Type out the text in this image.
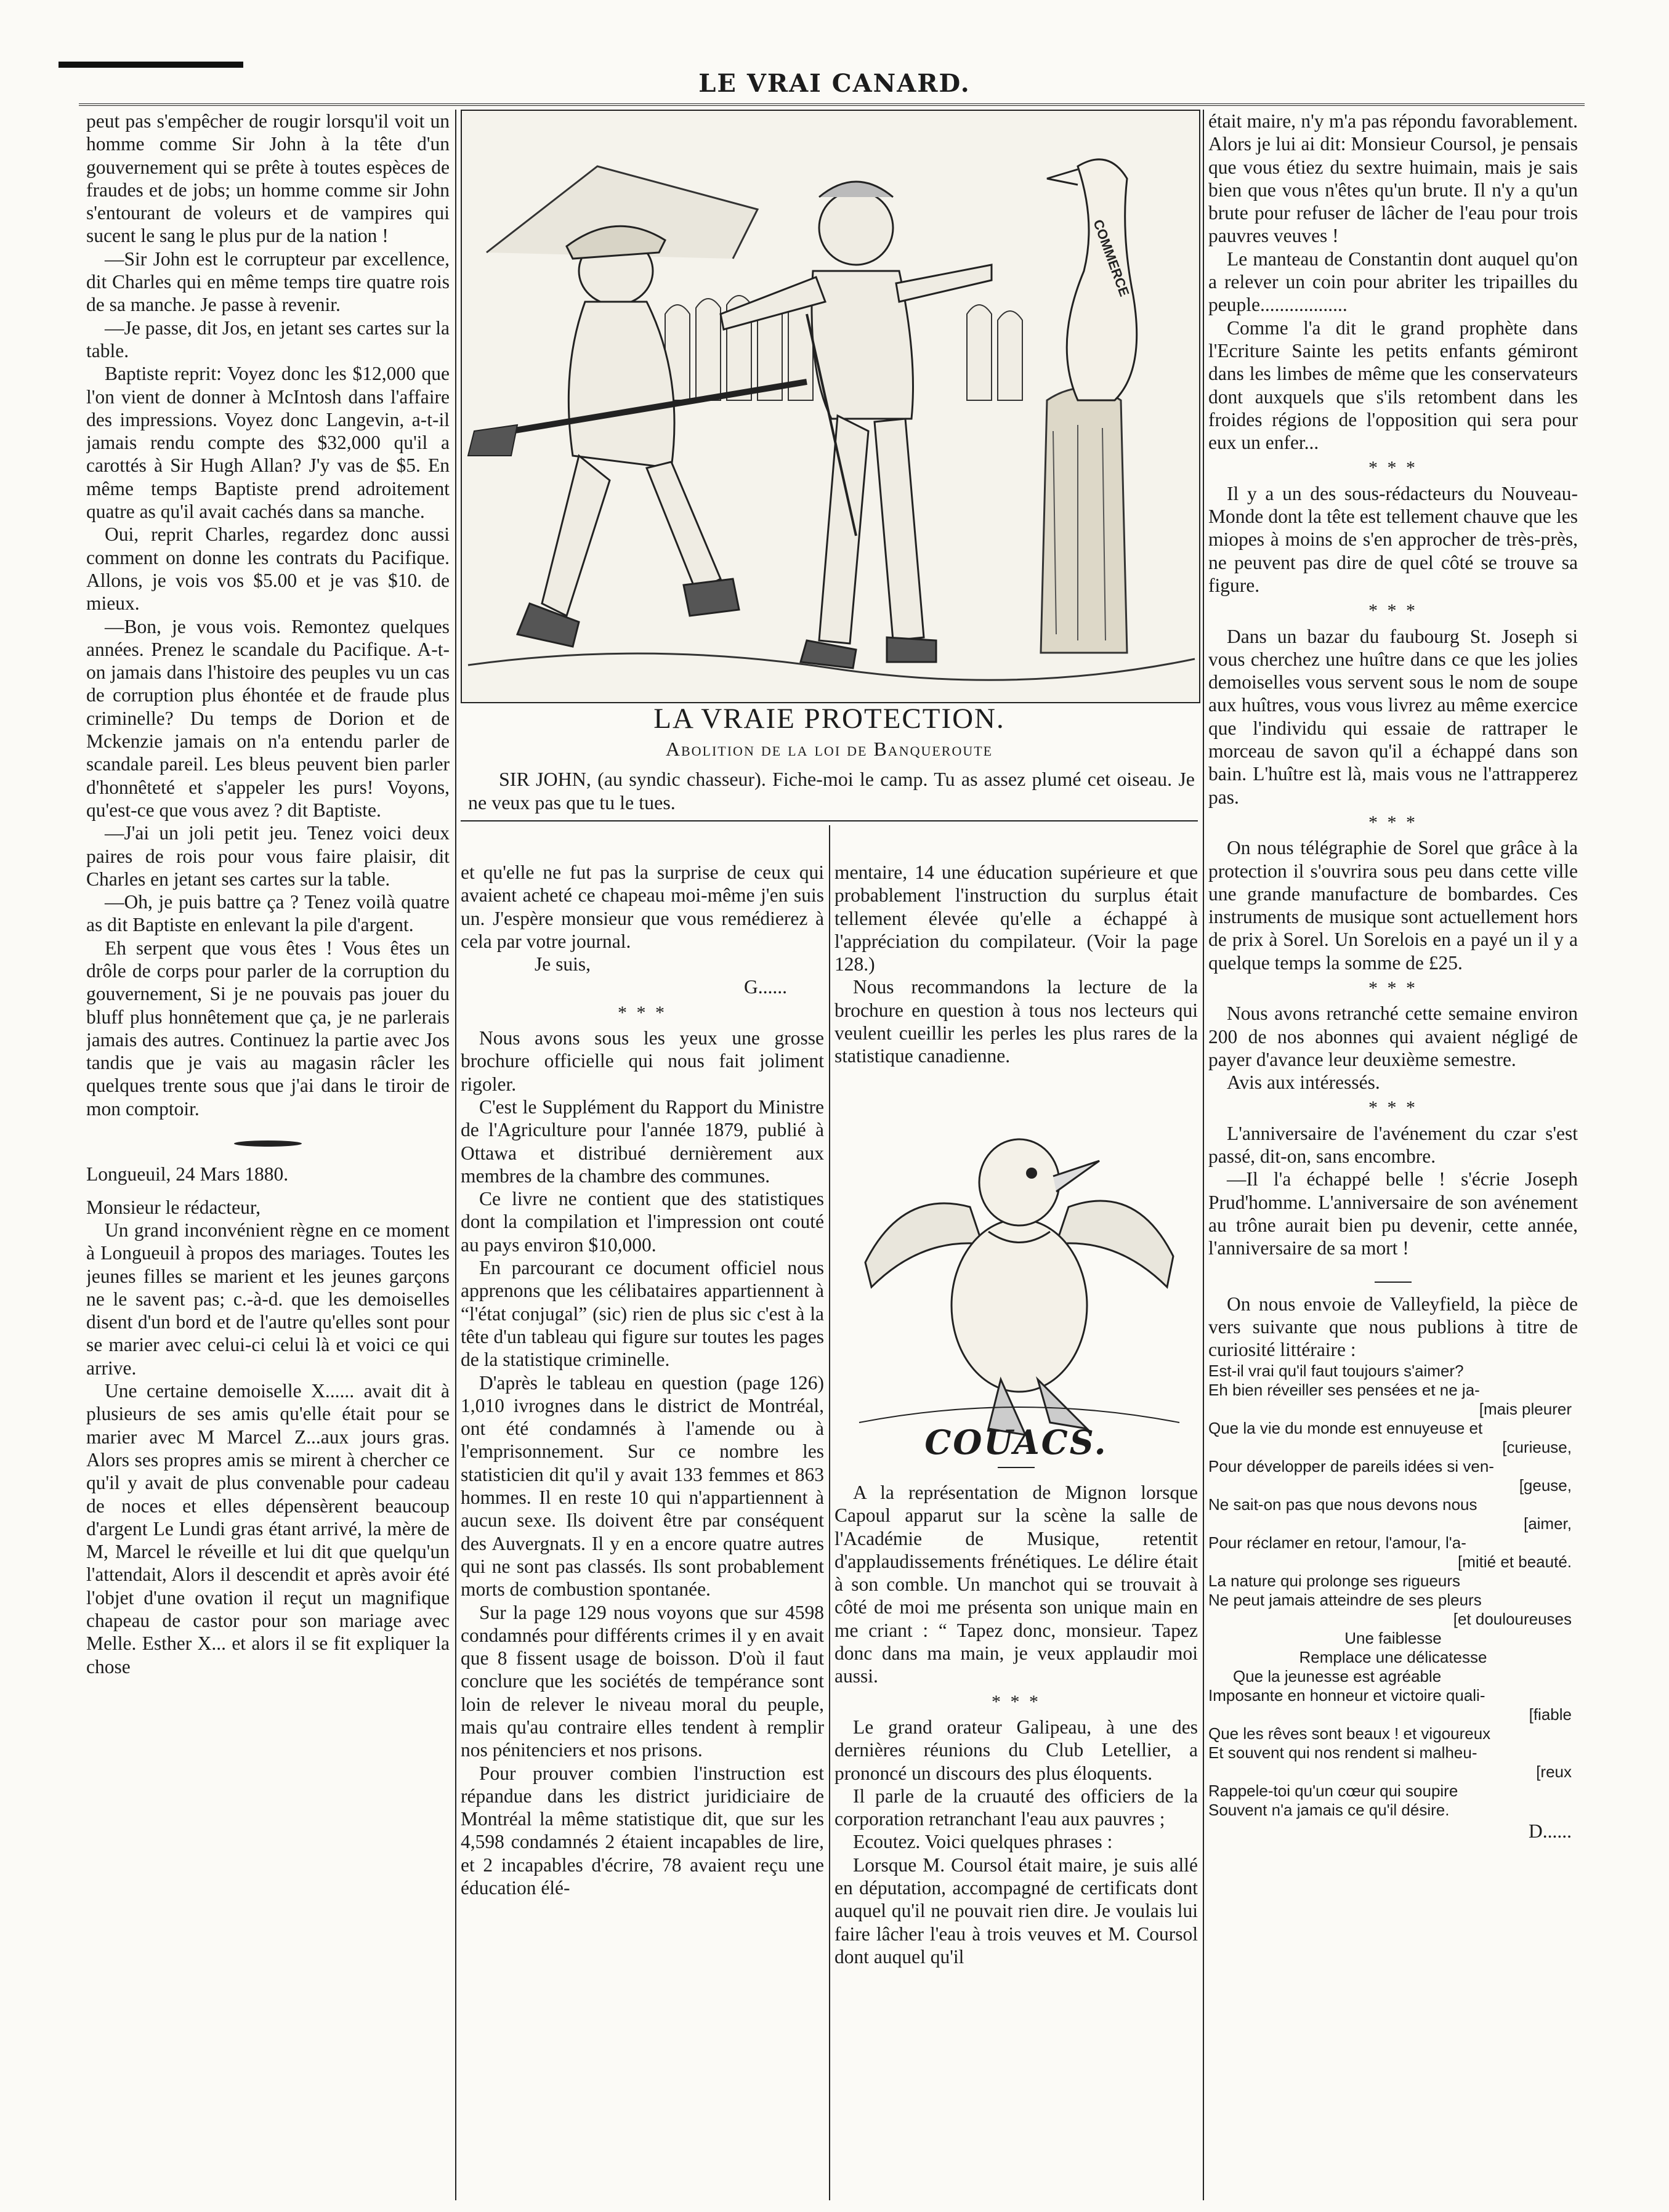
LE VRAI CANARD.

peut pas s'empêcher de rougir lorsqu'il voit un homme comme Sir John à la tête d'un gouvernement qui se prête à toutes espèces de fraudes et de jobs; un homme comme sir John s'entourant de voleurs et de vampires qui sucent le sang le plus pur de la nation !

—Sir John est le corrupteur par excellence, dit Charles qui en même temps tire quatre rois de sa manche. Je passe à revenir.

—Je passe, dit Jos, en jetant ses cartes sur la table.

Baptiste reprit: Voyez donc les $12,000 que l'on vient de donner à McIntosh dans l'affaire des impressions. Voyez donc Langevin, a-t-il jamais rendu compte des $32,000 qu'il a carottés à Sir Hugh Allan? J'y vas de $5. En même temps Baptiste prend adroitement quatre as qu'il avait cachés dans sa manche.

Oui, reprit Charles, regardez donc aussi comment on donne les contrats du Pacifique. Allons, je vois vos $5.00 et je vas $10. de mieux.

—Bon, je vous vois. Remontez quelques années. Prenez le scandale du Pacifique. A-t-on jamais dans l'histoire des peuples vu un cas de corruption plus éhontée et de fraude plus criminelle? Du temps de Dorion et de Mckenzie jamais on n'a entendu parler de scandale pareil. Les bleus peuvent bien parler d'honnêteté et s'appeler les purs! Voyons, qu'est-ce que vous avez ? dit Baptiste.

—J'ai un joli petit jeu. Tenez voici deux paires de rois pour vous faire plaisir, dit Charles en jetant ses cartes sur la table.

—Oh, je puis battre ça ? Tenez voilà quatre as dit Baptiste en enlevant la pile d'argent.

Eh serpent que vous êtes ! Vous êtes un drôle de corps pour parler de la corruption du gouvernement, Si je ne pouvais pas jouer du bluff plus honnêtement que ça, je ne parlerais jamais des autres. Continuez la partie avec Jos tandis que je vais au magasin râcler les quelques trente sous que j'ai dans le tiroir de mon comptoir.

Longueuil, 24 Mars 1880.

Monsieur le rédacteur,

Un grand inconvénient règne en ce moment à Longueuil à propos des mariages. Toutes les jeunes filles se marient et les jeunes garçons ne le savent pas; c.-à-d. que les demoiselles disent d'un bord et de l'autre qu'elles sont pour se marier avec celui-ci celui là et voici ce qui arrive.

Une certaine demoiselle X...... avait dit à plusieurs de ses amis qu'elle était pour se marier avec M Marcel Z...aux jours gras. Alors ses propres amis se mirent à chercher ce qu'il y avait de plus convenable pour cadeau de noces et elles dépensèrent beaucoup d'argent Le Lundi gras étant arrivé, la mère de M, Marcel le réveille et lui dit que quelqu'un l'attendait, Alors il descendit et après avoir été l'objet d'une ovation il reçut un magnifique chapeau de castor pour son mariage avec Melle. Esther X... et alors il se fit expliquer la chose

COMMERCE
LA VRAIE PROTECTION.
Abolition de la loi de Banqueroute
SIR JOHN, (au syndic chasseur). Fiche-moi le camp. Tu as assez plumé cet oiseau. Je ne veux pas que tu le tues.

et qu'elle ne fut pas la surprise de ceux qui avaient acheté ce chapeau moi-même j'en suis un. J'espère monsieur que vous remédierez à cela par votre journal.

Je suis,

G......

* * *

Nous avons sous les yeux une grosse brochure officielle qui nous fait joliment rigoler.

C'est le Supplément du Rapport du Ministre de l'Agriculture pour l'année 1879, publié à Ottawa et distribué dernièrement aux membres de la chambre des communes.

Ce livre ne contient que des statistiques dont la compilation et l'impression ont couté au pays environ $10,000.

En parcourant ce document officiel nous apprenons que les célibataires appartiennent à “l'état conjugal” (sic) rien de plus sic c'est à la tête d'un tableau qui figure sur toutes les pages de la statistique criminelle.

D'après le tableau en question (page 126) 1,010 ivrognes dans le district de Montréal, ont été condamnés à l'amende ou à l'emprisonnement. Sur ce nombre les statisticien dit qu'il y avait 133 femmes et 863 hommes. Il en reste 10 qui n'appartiennent à aucun sexe. Ils doivent être par conséquent des Auvergnats. Il y en a encore quatre autres qui ne sont pas classés. Ils sont probablement morts de combustion spontanée.

Sur la page 129 nous voyons que sur 4598 condamnés pour différents crimes il y en avait que 8 fissent usage de boisson. D'où il faut conclure que les sociétés de tempérance sont loin de relever le niveau moral du peuple, mais qu'au contraire elles tendent à remplir nos pénitenciers et nos prisons.

Pour prouver combien l'instruction est répandue dans les district juridiciaire de Montréal la même statistique dit, que sur les 4,598 condamnés 2 étaient incapables de lire, et 2 incapables d'écrire, 78 avaient reçu une éducation élé-

mentaire, 14 une éducation supérieure et que probablement l'instruction du surplus était tellement élevée qu'elle a échappé à l'appréciation du compilateur. (Voir la page 128.)

Nous recommandons la lecture de la brochure en question à tous nos lecteurs qui veulent cueillir les perles les plus rares de la statistique canadienne.

COUACS.

A la représentation de Mignon lorsque Capoul apparut sur la scène la salle de l'Académie de Musique, retentit d'applaudissements frénétiques. Le délire était à son comble. Un manchot qui se trouvait à côté de moi me présenta son unique main en me criant : “ Tapez donc, monsieur. Tapez donc dans ma main, je veux applaudir moi aussi.

* * *

Le grand orateur Galipeau, à une des dernières réunions du Club Letellier, a prononcé un discours des plus éloquents.

Il parle de la cruauté des officiers de la corporation retranchant l'eau aux pauvres ;

Ecoutez. Voici quelques phrases :

Lorsque M. Coursol était maire, je suis allé en députation, accompagné de certificats dont auquel qu'il ne pouvait rien dire. Je voulais lui faire lâcher l'eau à trois veuves et M. Coursol dont auquel qu'il

était maire, n'y m'a pas répondu favorablement. Alors je lui ai dit: Monsieur Coursol, je pensais que vous étiez du sextre huimain, mais je sais bien que vous n'êtes qu'un brute. Il n'y a qu'un brute pour refuser de lâcher de l'eau pour trois pauvres veuves !

Le manteau de Constantin dont auquel qu'on a relever un coin pour abriter les tripailles du peuple..................

Comme l'a dit le grand prophète dans l'Ecriture Sainte les petits enfants gémiront dans les limbes de même que les conservateurs dont auxquels que s'ils retombent dans les froides régions de l'opposition qui sera pour eux un enfer...

* * *

Il y a un des sous-rédacteurs du Nouveau-Monde dont la tête est tellement chauve que les miopes à moins de s'en approcher de très-près, ne peuvent pas dire de quel côté se trouve sa figure.

* * *

Dans un bazar du faubourg St. Joseph si vous cherchez une huître dans ce que les jolies demoiselles vous servent sous le nom de soupe aux huîtres, vous vous livrez au même exercice que l'individu qui essaie de rattraper le morceau de savon qu'il a échappé dans son bain. L'huître est là, mais vous ne l'attrapperez pas.

* * *

On nous télégraphie de Sorel que grâce à la protection il s'ouvrira sous peu dans cette ville une grande manufacture de bombardes. Ces instruments de musique sont actuellement hors de prix à Sorel. Un Sorelois en a payé un il y a quelque temps la somme de £25.

* * *

Nous avons retranché cette semaine environ 200 de nos abonnes qui avaient négligé de payer d'avance leur deuxième semestre.

Avis aux intéressés.

* * *

L'anniversaire de l'avénement du czar s'est passé, dit-on, sans encombre.

—Il l'a échappé belle ! s'écrie Joseph Prud'homme. L'anniversaire de son avénement au trône aurait bien pu devenir, cette année, l'anniversaire de sa mort !

On nous envoie de Valleyfield, la pièce de vers suivante que nous publions à titre de curiosité littéraire :

Est-il vrai qu'il faut toujours s'aimer?

Eh bien réveiller ses pensées et ne ja-

[mais pleurer

Que la vie du monde est ennuyeuse et

[curieuse,

Pour développer de pareils idées si ven-

[geuse,

Ne sait-on pas que nous devons nous

[aimer,

Pour réclamer en retour, l'amour, l'a-

[mitié et beauté.

La nature qui prolonge ses rigueurs

Ne peut jamais atteindre de ses pleurs

[et douloureuses

Une faiblesse

Remplace une délicatesse

Que la jeunesse est agréable

Imposante en honneur et victoire quali-

[fiable

Que les rêves sont beaux ! et vigoureux

Et souvent qui nos rendent si malheu-

[reux

Rappele-toi qu'un cœur qui soupire

Souvent n'a jamais ce qu'il désire.

D......
